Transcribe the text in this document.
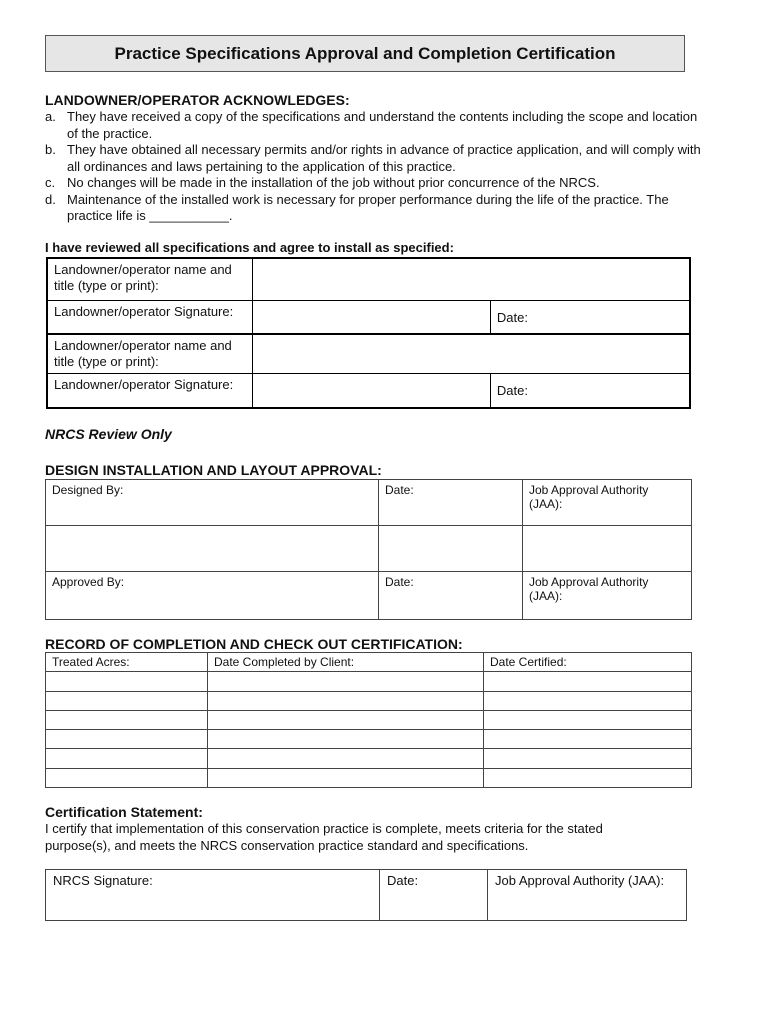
Practice Specifications Approval and Completion Certification
LANDOWNER/OPERATOR ACKNOWLEDGES:
a. They have received a copy of the specifications and understand the contents including the scope and location of the practice.
b. They have obtained all necessary permits and/or rights in advance of practice application, and will comply with all ordinances and laws pertaining to the application of this practice.
c. No changes will be made in the installation of the job without prior concurrence of the NRCS.
d. Maintenance of the installed work is necessary for proper performance during the life of the practice. The practice life is ___________.
I have reviewed all specifications and agree to install as specified:
Landowner/operator name and title (type or print):		
Landowner/operator Signature:		Date:
Landowner/operator name and title (type or print):		
Landowner/operator Signature:		Date:
NRCS Review Only
DESIGN INSTALLATION AND LAYOUT APPROVAL:
Designed By:	Date:	Job Approval Authority (JAA):

Approved By:	Date:	Job Approval Authority (JAA):
RECORD OF COMPLETION AND CHECK OUT CERTIFICATION:
Treated Acres:	Date Completed by Client:	Date Certified:

Certification Statement:
I certify that implementation of this conservation practice is complete, meets criteria for the stated purpose(s), and meets the NRCS conservation practice standard and specifications.
NRCS Signature:	Date:	Job Approval Authority (JAA):
